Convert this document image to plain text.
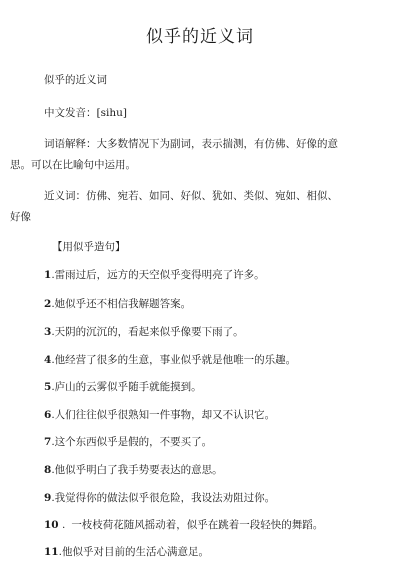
似乎的近义词
似乎的近义词
中文发音：[sihu]
词语解释：大多数情况下为副词，表示揣测，有仿佛、好像的意
思。可以在比喻句中运用。
近义词：仿佛、宛若、如同、好似、犹如、类似、宛如、相似、
好像
【用似乎造句】
1.雷雨过后，远方的天空似乎变得明亮了许多。
2.她似乎还不相信我解题答案。
3.天阴的沉沉的，看起来似乎像要下雨了。
4.他经营了很多的生意，事业似乎就是他唯一的乐趣。
5.庐山的云雾似乎随手就能摸到。
6.人们往往似乎很熟知一件事物，却又不认识它。
7.这个东西似乎是假的，不要买了。
8.他似乎明白了我手势要表达的意思。
9.我觉得你的做法似乎很危险，我设法劝阻过你。
10 . 一枝枝荷花随风摇动着，似乎在跳着一段轻快的舞蹈。
11.他似乎对目前的生活心满意足。
